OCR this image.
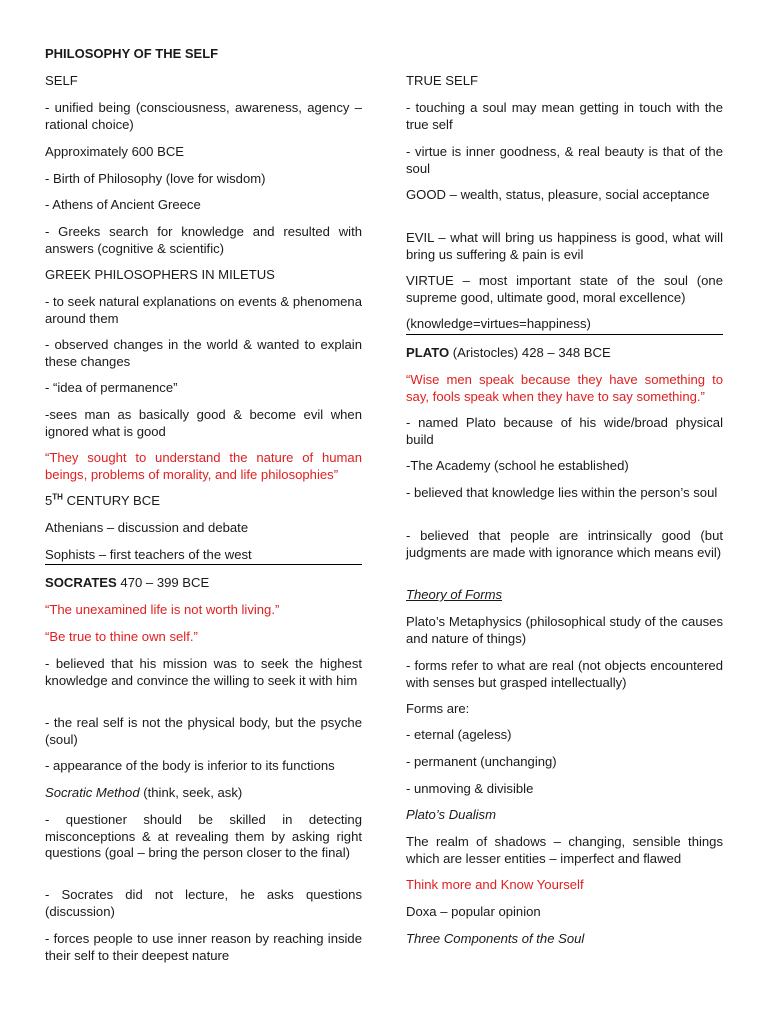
PHILOSOPHY OF THE SELF

SELF

- unified being (consciousness, awareness, agency – rational choice)

Approximately 600 BCE

- Birth of Philosophy (love for wisdom)

- Athens of Ancient Greece

- Greeks search for knowledge and resulted with answers (cognitive & scientific)

GREEK PHILOSOPHERS IN MILETUS

- to seek natural explanations on events & phenomena around them

- observed changes in the world & wanted to explain these changes

- “idea of permanence”

-sees man as basically good & become evil when ignored what is good

“They sought to understand the nature of human beings, problems of morality, and life philosophies”

5TH CENTURY BCE

Athenians – discussion and debate

Sophists – first teachers of the west

SOCRATES 470 – 399 BCE

“The unexamined life is not worth living.”

“Be true to thine own self.”

- believed that his mission was to seek the highest knowledge and convince the willing to seek it with him

- the real self is not the physical body, but the psyche (soul)

- appearance of the body is inferior to its functions

Socratic Method (think, seek, ask)

- questioner should be skilled in detecting misconceptions & at revealing them by asking right questions (goal – bring the person closer to the final)

- Socrates did not lecture, he asks questions (discussion)

- forces people to use inner reason by reaching inside their self to their deepest nature

TRUE SELF

- touching a soul may mean getting in touch with the true self

- virtue is inner goodness, & real beauty is that of the soul

GOOD – wealth, status, pleasure, social acceptance

EVIL – what will bring us happiness is good, what will bring us suffering & pain is evil

VIRTUE – most important state of the soul (one supreme good, ultimate good, moral excellence)

(knowledge=virtues=happiness)

PLATO (Aristocles) 428 – 348 BCE

“Wise men speak because they have something to say, fools speak when they have to say something.”

- named Plato because of his wide/broad physical build

-The Academy (school he established)

- believed that knowledge lies within the person’s soul

- believed that people are intrinsically good (but judgments are made with ignorance which means evil)

Theory of Forms

Plato’s Metaphysics (philosophical study of the causes and nature of things)

- forms refer to what are real (not objects encountered with senses but grasped intellectually)

Forms are:

- eternal (ageless)

- permanent (unchanging)

- unmoving & divisible

Plato’s Dualism

The realm of shadows – changing, sensible things which are lesser entities – imperfect and flawed

Think more and Know Yourself

Doxa – popular opinion

Three Components of the Soul
